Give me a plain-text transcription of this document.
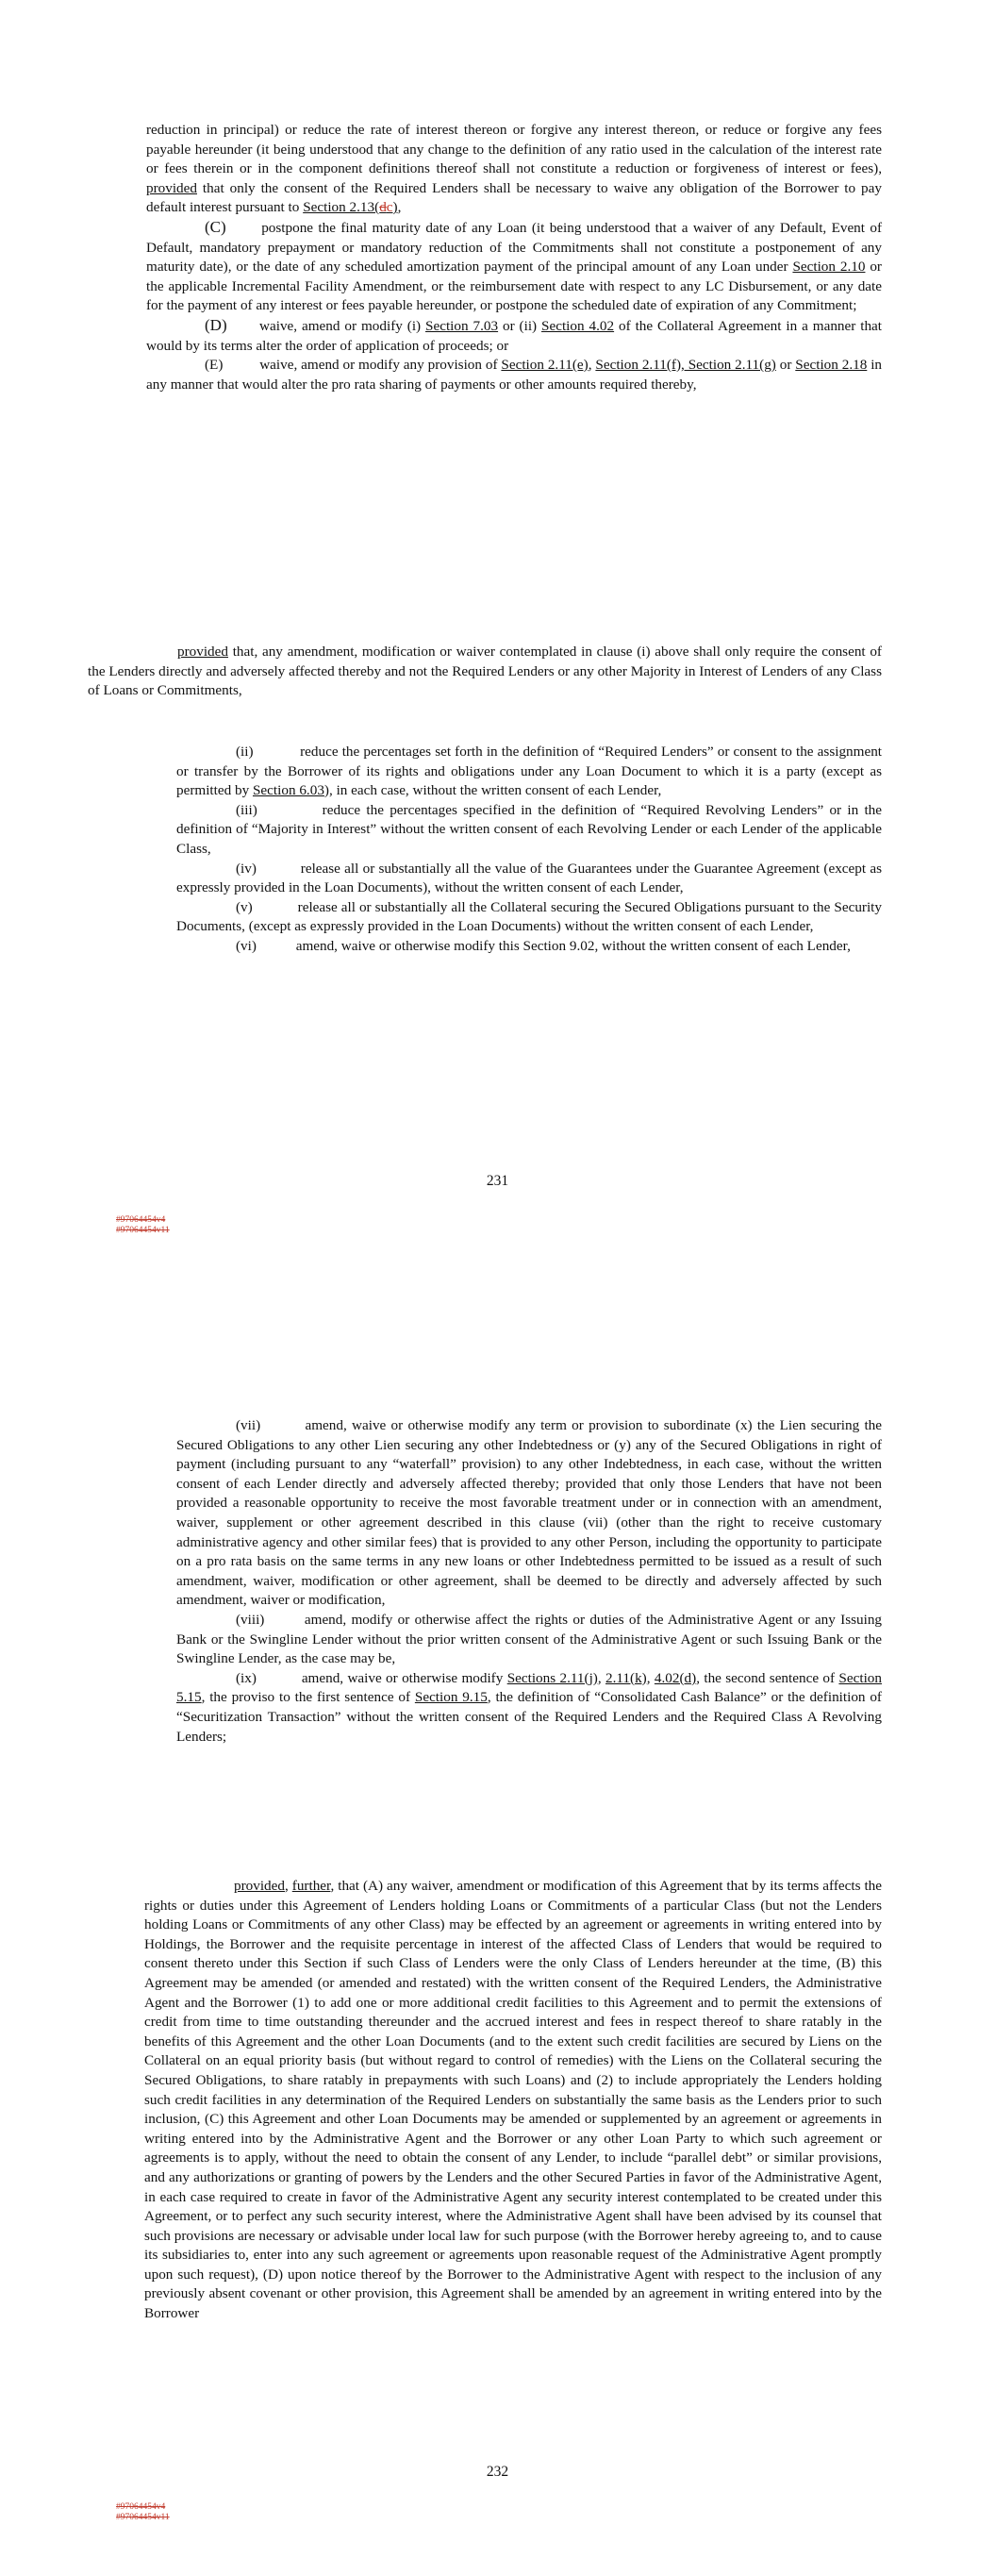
reduction in principal) or reduce the rate of interest thereon or forgive any interest thereon, or reduce or forgive any fees payable hereunder (it being understood that any change to the definition of any ratio used in the calculation of the interest rate or fees therein or in the component definitions thereof shall not constitute a reduction or forgiveness of interest or fees), provided that only the consent of the Required Lenders shall be necessary to waive any obligation of the Borrower to pay default interest pursuant to Section 2.13(dc),

(C) postpone the final maturity date of any Loan (it being understood that a waiver of any Default, Event of Default, mandatory prepayment or mandatory reduction of the Commitments shall not constitute a postponement of any maturity date), or the date of any scheduled amortization payment of the principal amount of any Loan under Section 2.10 or the applicable Incremental Facility Amendment, or the reimbursement date with respect to any LC Disbursement, or any date for the payment of any interest or fees payable hereunder, or postpone the scheduled date of expiration of any Commitment;

(D) waive, amend or modify (i) Section 7.03 or (ii) Section 4.02 of the Collateral Agreement in a manner that would by its terms alter the order of application of proceeds; or

(E)	waive, amend or modify any provision of Section 2.11(e), Section 2.11(f), Section 2.11(g) or Section 2.18 in any manner that would alter the pro rata sharing of payments or other amounts required thereby,

provided that, any amendment, modification or waiver contemplated in clause (i) above shall only require the consent of the Lenders directly and adversely affected thereby and not the Required Lenders or any other Majority in Interest of Lenders of any Class of Loans or Commitments,

(ii)	reduce the percentages set forth in the definition of “Required Lenders” or consent to the assignment or transfer by the Borrower of its rights and obligations under any Loan Document to which it is a party (except as permitted by Section 6.03), in each case, without the written consent of each Lender,

(iii)	reduce the percentages specified in the definition of “Required Revolving Lenders” or in the definition of “Majority in Interest” without the written consent of each Revolving Lender or each Lender of the applicable Class,

(iv)	release all or substantially all the value of the Guarantees under the Guarantee Agreement (except as expressly provided in the Loan Documents), without the written consent of each Lender,

(v)	release all or substantially all the Collateral securing the Secured Obligations pursuant to the Security Documents, (except as expressly provided in the Loan Documents) without the written consent of each Lender,

(vi)	amend, waive or otherwise modify this Section 9.02, without the written consent of each Lender,

231
#97064454v4
#97064454v11

(vii)	amend, waive or otherwise modify any term or provision to subordinate (x) the Lien securing the Secured Obligations to any other Lien securing any other Indebtedness or (y) any of the Secured Obligations in right of payment (including pursuant to any “waterfall” provision) to any other Indebtedness, in each case, without the written consent of each Lender directly and adversely affected thereby; provided that only those Lenders that have not been provided a reasonable opportunity to receive the most favorable treatment under or in connection with an amendment, waiver, supplement or other agreement described in this clause (vii) (other than the right to receive customary administrative agency and other similar fees) that is provided to any other Person, including the opportunity to participate on a pro rata basis on the same terms in any new loans or other Indebtedness permitted to be issued as a result of such amendment, waiver, modification or other agreement, shall be deemed to be directly and adversely affected by such amendment, waiver or modification,

(viii)	amend, modify or otherwise affect the rights or duties of the Administrative Agent or any Issuing Bank or the Swingline Lender without the prior written consent of the Administrative Agent or such Issuing Bank or the Swingline Lender, as the case may be,

(ix)	amend, waive or otherwise modify Sections 2.11(j), 2.11(k), 4.02(d), the second sentence of Section 5.15, the proviso to the first sentence of Section 9.15, the definition of “Consolidated Cash Balance” or the definition of “Securitization Transaction” without the written consent of the Required Lenders and the Required Class A Revolving Lenders;

provided, further, that (A) any waiver, amendment or modification of this Agreement that by its terms affects the rights or duties under this Agreement of Lenders holding Loans or Commitments of a particular Class (but not the Lenders holding Loans or Commitments of any other Class) may be effected by an agreement or agreements in writing entered into by Holdings, the Borrower and the requisite percentage in interest of the affected Class of Lenders that would be required to consent thereto under this Section if such Class of Lenders were the only Class of Lenders hereunder at the time, (B) this Agreement may be amended (or amended and restated) with the written consent of the Required Lenders, the Administrative Agent and the Borrower (1) to add one or more additional credit facilities to this Agreement and to permit the extensions of credit from time to time outstanding thereunder and the accrued interest and fees in respect thereof to share ratably in the benefits of this Agreement and the other Loan Documents (and to the extent such credit facilities are secured by Liens on the Collateral on an equal priority basis (but without regard to control of remedies) with the Liens on the Collateral securing the Secured Obligations, to share ratably in prepayments with such Loans) and (2) to include appropriately the Lenders holding such credit facilities in any determination of the Required Lenders on substantially the same basis as the Lenders prior to such inclusion, (C) this Agreement and other Loan Documents may be amended or supplemented by an agreement or agreements in writing entered into by the Administrative Agent and the Borrower or any other Loan Party to which such agreement or agreements is to apply, without the need to obtain the consent of any Lender, to include “parallel debt” or similar provisions, and any authorizations or granting of powers by the Lenders and the other Secured Parties in favor of the Administrative Agent, in each case required to create in favor of the Administrative Agent any security interest contemplated to be created under this Agreement, or to perfect any such security interest, where the Administrative Agent shall have been advised by its counsel that such provisions are necessary or advisable under local law for such purpose (with the Borrower hereby agreeing to, and to cause its subsidiaries to, enter into any such agreement or agreements upon reasonable request of the Administrative Agent promptly upon such request), (D) upon notice thereof by the Borrower to the Administrative Agent with respect to the inclusion of any previously absent covenant or other provision, this Agreement shall be amended by an agreement in writing entered into by the Borrower

232
#97064454v4
#97064454v11
